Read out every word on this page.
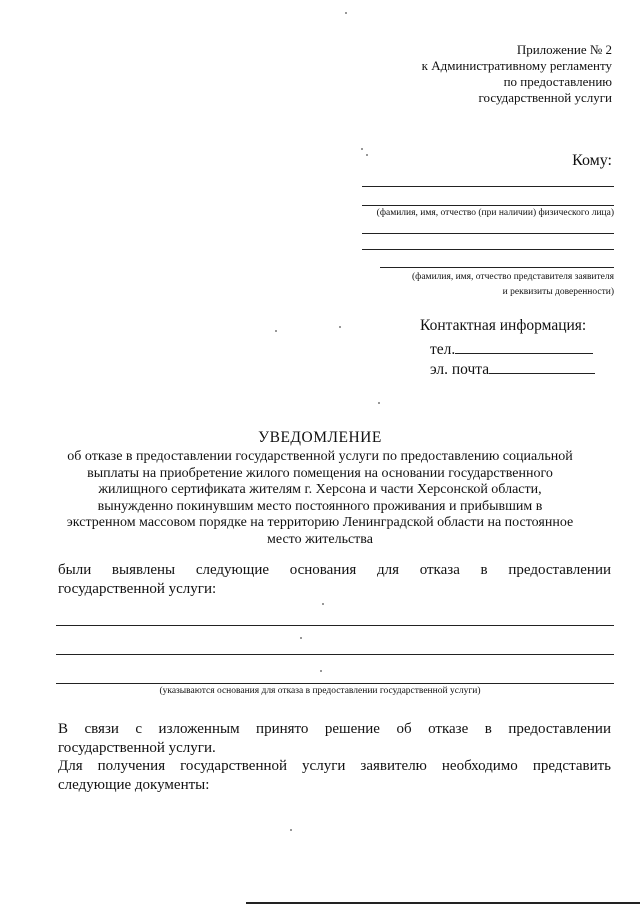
Приложение № 2
к Административному регламенту
по предоставлению
государственной услуги
Кому:
(фамилия, имя, отчество (при наличии) физического лица)
(фамилия, имя, отчество представителя заявителя
и реквизиты доверенности)
Контактная информация:
тел.
эл. почта
УВЕДОМЛЕНИЕ
об отказе в предоставлении государственной услуги по предоставлению социальной
выплаты на приобретение жилого помещения на основании государственного
жилищного сертификата жителям г. Херсона и части Херсонской области,
вынужденно покинувшим место постоянного проживания и прибывшим в
экстренном массовом порядке на территорию Ленинградской области на постоянное
место жительства
были выявлены следующие основания для отказа в предоставлении
государственной услуги:
(указываются основания для отказа в предоставлении государственной услуги)
В связи с изложенным принято решение об отказе в предоставлении
государственной услуги.
Для получения государственной услуги заявителю необходимо представить
следующие документы:
